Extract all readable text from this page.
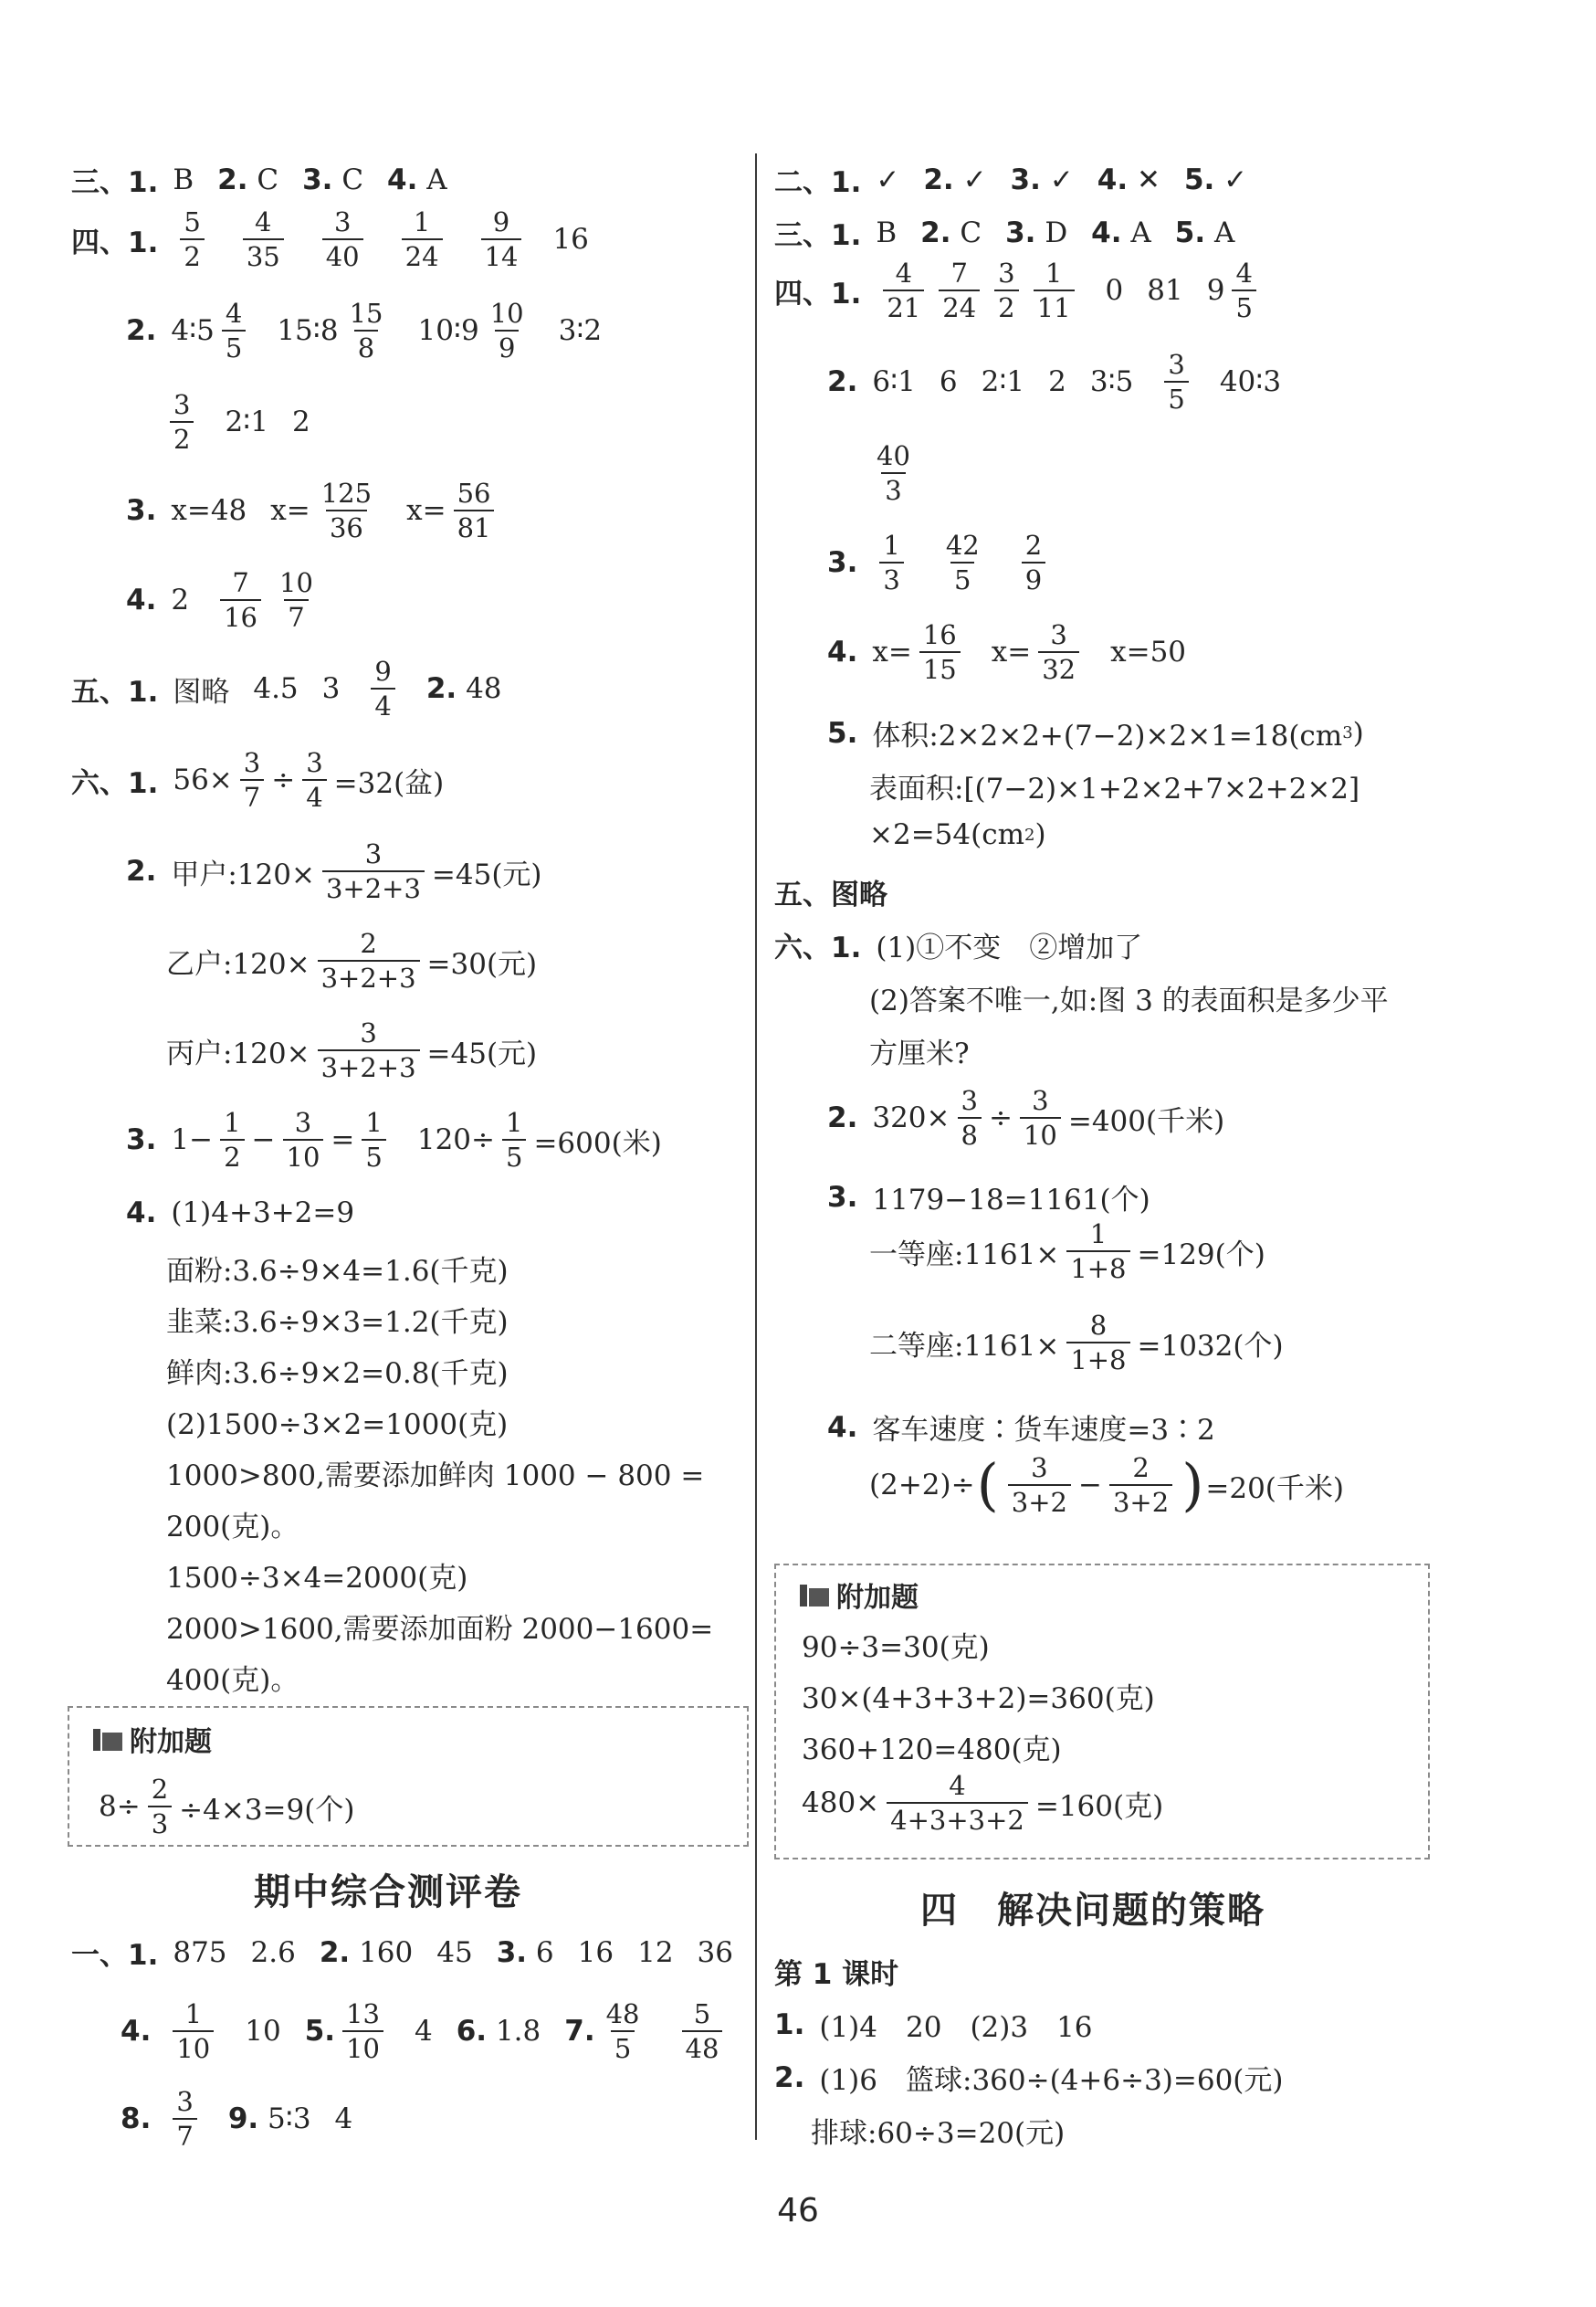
三、1. B 2.
C 3.
C 4.
A
四、1. $\frac{5}{2} \frac{4}{35} \frac{3}{40} \frac{1}{24} \frac{9}{14} 16$
2. 4∶5 $\frac{4}{5}$ 15∶8 $\frac{15}{8}$ 10∶9 $\frac{10}{9}$ 3∶2
$\frac{3}{2}$ 2∶1 2
3. x=48 $x= \frac{125}{36} x= \frac{56}{81}$
4. $2 \frac{7}{16} \frac{10}{7}$
五、1. 图略 4.5 $3 \frac{9}{4} 2$.
48
六、1. $56\times \frac{3}{7} \div \frac{3}{4} =32$(盆)
2. 甲户:120× $\frac{3}{3+2+3} =45$(元)
乙户:120× $\frac{2}{3+2+3} =30$(元)
丙户:120× $\frac{3}{3+2+3} =45$(元)
3. $1- \frac{1}{2} - \frac{3}{10} = \frac{1}{5} 120\div \frac{1}{5} =600$(米)
4. (1)4+3+2=9
面粉:3.6÷9×4=1.6(千克)
韭菜:3.6÷9×3=1.2(千克)
鲜肉:3.6÷9×2=0.8(千克)
(2)1500÷3×2=1000(克)
1000>800,需要添加鲜肉 1000 − 800 =
200(克)。
1500÷3×4=2000(克)
2000>1600,需要添加面粉 2000−1600=
400(克)。
附加题
$8\div \frac{2}{3} \div 4\times 3=9$(个)
期中综合测评卷
一、1. 875 2.6 2.
160 45 3.
6 16 12 36
4. $\frac{1}{10} 10$ 5. $\frac{13}{10} 4$ 6.
1.8 7. $\frac{48}{5} \frac{5}{48}$
8. $\frac{3}{7} 9$.
5∶3 4
二、1. ✓ 2.
✓ 3.
✓ 4.
✕ 5.
✓
三、1. B 2.
C 3.
D 4.
A 5.
A
四、1. $\frac{4}{21} \frac{7}{24} \frac{3}{2} \frac{1}{11} 0$ 81 $9 \frac{4}{5}$
2. 6∶1 6 2∶1 2 3∶5 $\frac{3}{5}$ 40∶3
$\frac{40}{3}$
3. $\frac{1}{3} \frac{42}{5} \frac{2}{9}$
4. $x= \frac{16}{15} x= \frac{3}{32} x=50$
5. 体积:2×2×2+(7−2)×2×1=18(cm 3 )
表面积:[(7−2)×1+2×2+7×2+2×2]
×2=54(cm 2 )
五、图略
六、1. (1)①不变　②增加了
(2)答案不唯一,如:图 3 的表面积是多少平
方厘米?
2. $320\times \frac{3}{8} \div \frac{3}{10} =400$(千米)
3. 1179−18=1161(个)
一等座:1161× $\frac{1}{1+8} =129$(个)
二等座:1161× $\frac{8}{1+8} =1032$(个)
4. 客车速度∶货车速度=3∶2
(2+2)÷ ( $\frac{3}{3+2} - \frac{2}{3+2}$ ) =20(千米)
附加题
90÷3=30(克)
30×(4+3+3+2)=360(克)
360+120=480(克)
$480\times \frac{4}{4+3+3+2} =160$(克)
四　解决问题的策略
第 1 课时
1. (1)4　20　(2)3　16
2. (1)6　篮球:360÷(4+6÷3)=60(元)
排球:60÷3=20(元)
46
